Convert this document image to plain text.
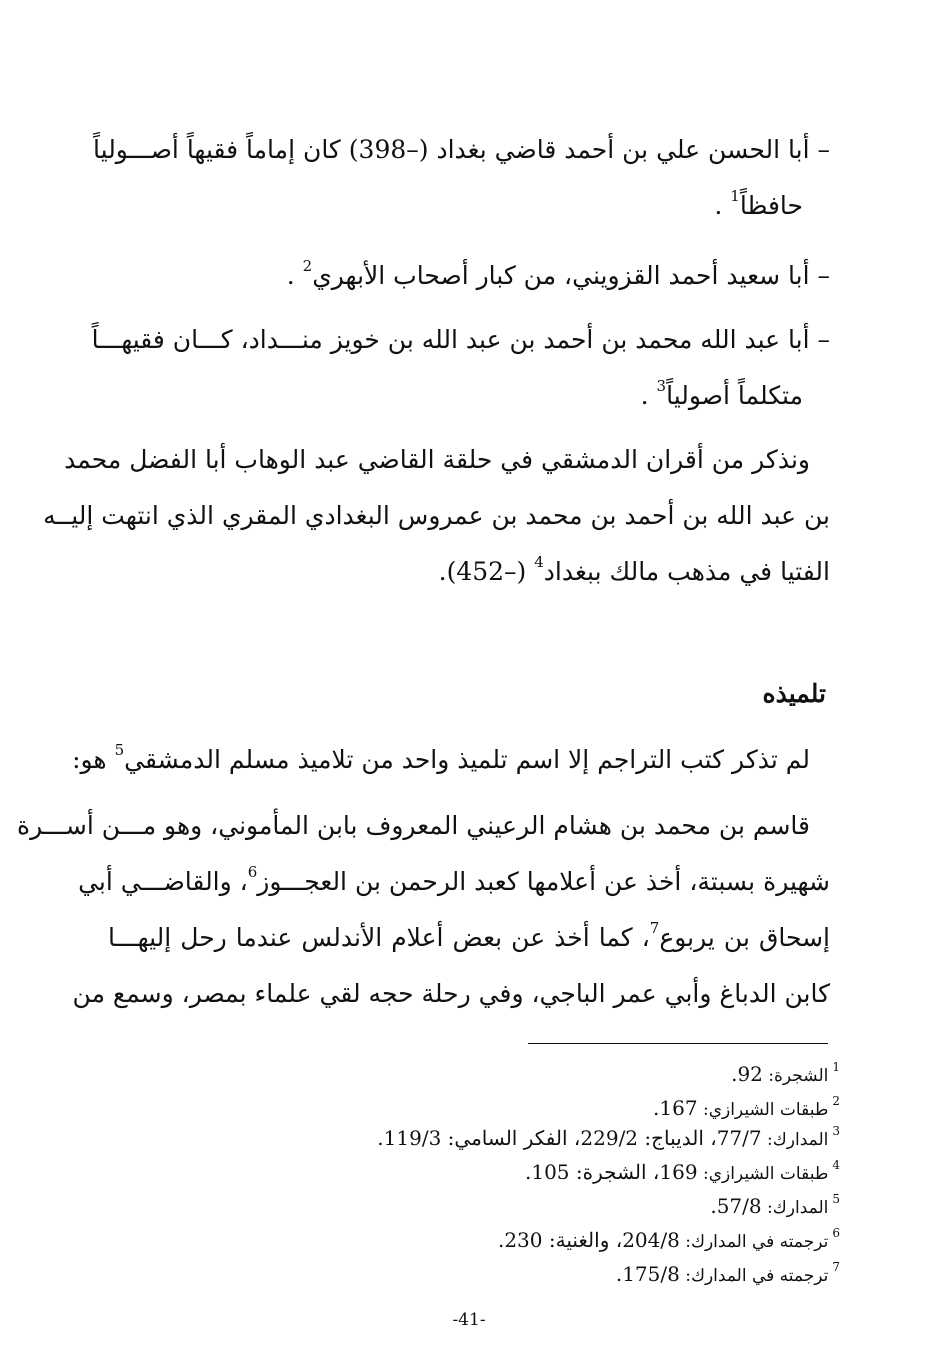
– أبا الحسن علي بن أحمد قاضي بغداد (–398) كان إماماً فقيهاً أصـــولياً
حافظاً$^1$ .
– أبا سعيد أحمد القزويني، من كبار أصحاب الأبهري$^2$ .
– أبا عبد الله محمد بن أحمد بن عبد الله بن خويز منـــداد، كـــان فقيهـــاً
متكلماً أصولياً$^3$ .
ونذكر من أقران الدمشقي في حلقة القاضي عبد الوهاب أبا الفضل محمد
بن عبد الله بن أحمد بن محمد بن عمروس البغدادي المقري الذي انتهت إليــه
الفتيا في مذهب مالك ببغداد$^4$ (–452).
تلميذه
لم تذكر كتب التراجم إلا اسم تلميذ واحد من تلاميذ مسلم الدمشقي$^5$ هو:
قاسم بن محمد بن هشام الرعيني المعروف بابن المأموني، وهو مـــن أســـرة
شهيرة بسبتة، أخذ عن أعلامها كعبد الرحمن بن العجـــوز$^6$، والقاضـــي أبي
إسحاق بن يربوع$^7$، كما أخذ عن بعض أعلام الأندلس عندما رحل إليهـــا
كابن الدباغ وأبي عمر الباجي، وفي رحلة حجه لقي علماء بمصر، وسمع من
$^1$الشجرة: 92.
$^2$طبقات الشيرازي: 167.
$^3$المدارك: 77/7، الديباج: 229/2، الفكر السامي: 119/3.
$^4$طبقات الشيرازي: 169، الشجرة: 105.
$^5$المدارك: 57/8.
$^6$ترجمته في المدارك: 204/8، والغنية: 230.
$^7$ترجمته في المدارك: 175/8.
-41-
